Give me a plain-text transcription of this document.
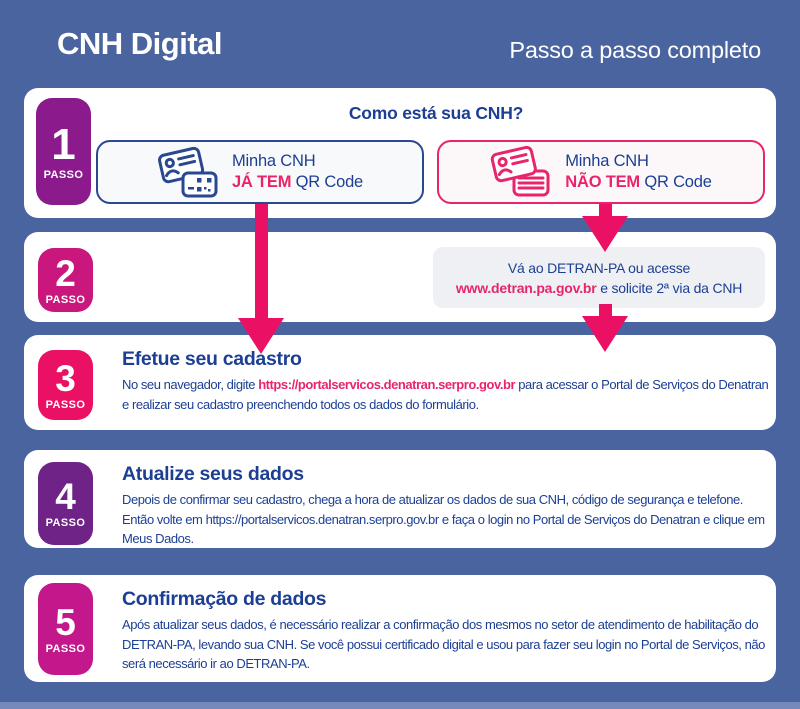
CNH Digital	Passo a passo completo
1
PASSO
Como está sua CNH?
Minha CNH
JÁ TEM QR Code
Minha CNH
NÃO TEM QR Code
2
PASSO
Vá ao DETRAN-PA ou acesse
www.detran.pa.gov.br e solicite 2ª via da CNH
3
PASSO
Efetue seu cadastro

No seu navegador, digite https://portalservicos.denatran.serpro.gov.br para acessar o Portal de Serviços do Denatran e realizar seu cadastro preenchendo todos os dados do formulário.

4
PASSO
Atualize seus dados

Depois de confirmar seu cadastro, chega a hora de atualizar os dados de sua CNH, código de segurança e telefone. Então volte em https://portalservicos.denatran.serpro.gov.br e faça o login no Portal de Serviços do Denatran e clique em Meus Dados.

5
PASSO
Confirmação de dados

Após atualizar seus dados, é necessário realizar a confirmação dos mesmos no setor de atendimento de habilitação do DETRAN-PA, levando sua CNH. Se você possui certificado digital e usou para fazer seu login no Portal de Serviços, não será necessário ir ao DETRAN-PA.
